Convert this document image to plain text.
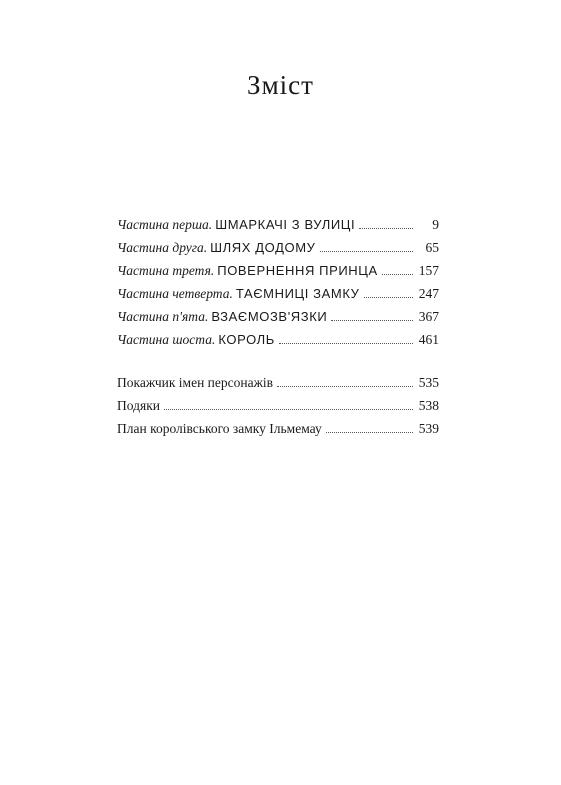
Зміст
Частина перша. ШМАРКАЧІ З ВУЛИЦІ	9
Частина друга. ШЛЯХ ДОДОМУ	65
Частина третя. ПОВЕРНЕННЯ ПРИНЦА	157
Частина четверта. ТАЄМНИЦІ ЗАМКУ	247
Частина п'ята. ВЗАЄМОЗВ'ЯЗКИ	367
Частина шоста. КОРОЛЬ	461
Покажчик імен персонажів	535
Подяки	538
План королівського замку Ільмемау	539
